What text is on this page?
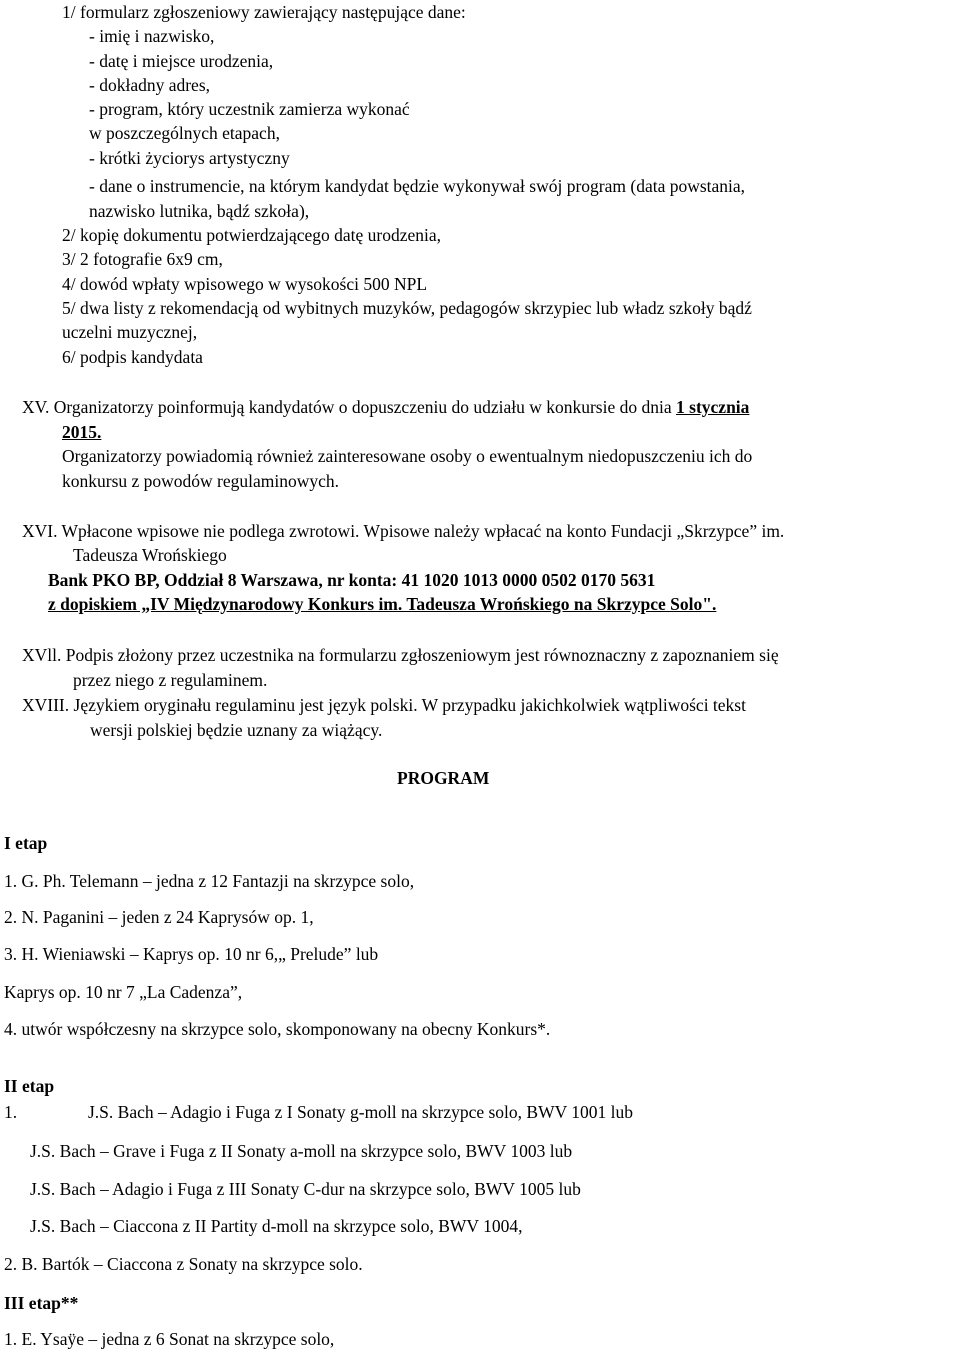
1/ formularz zgłoszeniowy zawierający następujące dane:
- imię i nazwisko,
- datę i miejsce urodzenia,
- dokładny adres,
- program, który uczestnik zamierza wykonać
w poszczególnych etapach,
- krótki życiorys artystyczny
- dane o instrumencie, na którym kandydat będzie wykonywał swój program (data powstania,
nazwisko lutnika, bądź szkoła),
2/ kopię dokumentu potwierdzającego datę urodzenia,
3/ 2 fotografie 6x9 cm,
4/ dowód wpłaty wpisowego w wysokości 500 NPL
5/ dwa listy z rekomendacją od wybitnych muzyków, pedagogów skrzypiec lub władz szkoły bądź
uczelni muzycznej,
6/ podpis kandydata
XV. Organizatorzy poinformują kandydatów o dopuszczeniu do udziału w konkursie do dnia 1 stycznia
2015.
Organizatorzy powiadomią również zainteresowane osoby o ewentualnym niedopuszczeniu ich do
konkursu z powodów regulaminowych.
XVI. Wpłacone wpisowe nie podlega zwrotowi. Wpisowe należy wpłacać na konto Fundacji „Skrzypce” im.
Tadeusza Wrońskiego
Bank PKO BP, Oddział 8 Warszawa, nr konta: 41 1020 1013 0000 0502 0170 5631
z dopiskiem „IV Międzynarodowy Konkurs im. Tadeusza Wrońskiego na Skrzypce Solo".
XVll. Podpis złożony przez uczestnika na formularzu zgłoszeniowym jest równoznaczny z zapoznaniem się
przez niego z regulaminem.
XVIII. Językiem oryginału regulaminu jest język polski. W przypadku jakichkolwiek wątpliwości tekst
wersji polskiej będzie uznany za wiążący.
PROGRAM
I etap
1. G. Ph. Telemann – jedna z 12 Fantazji na skrzypce solo,
2. N. Paganini – jeden z 24 Kaprysów op. 1,
3. H. Wieniawski – Kaprys op. 10 nr 6,„ Prelude” lub
Kaprys op. 10 nr 7 „La Cadenza”,
4. utwór współczesny na skrzypce solo, skomponowany na obecny Konkurs*.
II etap
1.	J.S. Bach – Adagio i Fuga z I Sonaty g-moll na skrzypce solo, BWV 1001 lub
J.S. Bach – Grave i Fuga z II Sonaty a-moll na skrzypce solo, BWV 1003 lub
J.S. Bach – Adagio i Fuga z III Sonaty C-dur na skrzypce solo, BWV 1005 lub
J.S. Bach – Ciaccona z II Partity d-moll na skrzypce solo, BWV 1004,
2. B. Bartók – Ciaccona z Sonaty na skrzypce solo.
III etap**
1. E. Ysaÿe – jedna z 6 Sonat na skrzypce solo,
